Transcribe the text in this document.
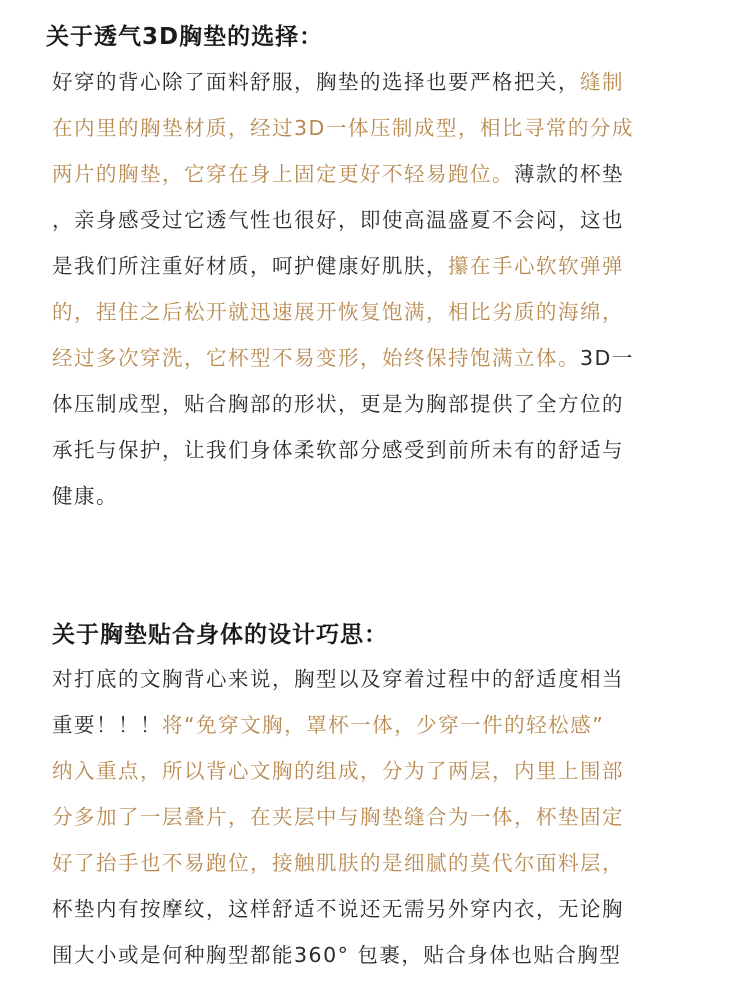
关于透气3D胸垫的选择：
好穿的背心除了面料舒服，胸垫的选择也要严格把关，缝制
在内里的胸垫材质，经过3D一体压制成型，相比寻常的分成
两片的胸垫，它穿在身上固定更好不轻易跑位。薄款的杯垫
，亲身感受过它透气性也很好，即使高温盛夏不会闷，这也
是我们所注重好材质，呵护健康好肌肤，攥在手心软软弹弹
的，捏住之后松开就迅速展开恢复饱满，相比劣质的海绵，
经过多次穿洗，它杯型不易变形，始终保持饱满立体。3D一
体压制成型，贴合胸部的形状，更是为胸部提供了全方位的
承托与保护，让我们身体柔软部分感受到前所未有的舒适与
健康。
关于胸垫贴合身体的设计巧思：
对打底的文胸背心来说，胸型以及穿着过程中的舒适度相当
重要！！！将“免穿文胸，罩杯一体，少穿一件的轻松感”
纳入重点，所以背心文胸的组成，分为了两层，内里上围部
分多加了一层叠片，在夹层中与胸垫缝合为一体，杯垫固定
好了抬手也不易跑位，接触肌肤的是细腻的莫代尔面料层，
杯垫内有按摩纹，这样舒适不说还无需另外穿内衣，无论胸
围大小或是何种胸型都能360° 包裹，贴合身体也贴合胸型
